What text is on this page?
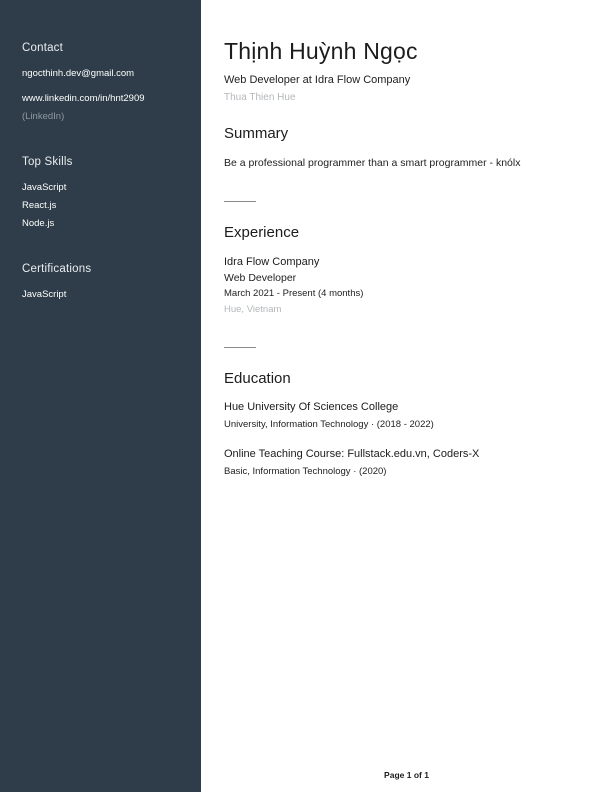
Contact
ngocthinh.dev@gmail.com
www.linkedin.com/in/hnt2909
(LinkedIn)
Top Skills
JavaScript
React.js
Node.js
Certifications
JavaScript
Thịnh Huỳnh Ngọc
Web Developer at Idra Flow Company
Thua Thien Hue
Summary

Be a professional programmer than a smart programmer - knólx

Experience
Idra Flow Company
Web Developer
March 2021 - Present (4 months)
Hue, Vietnam
Education
Hue University Of Sciences College
University, Information Technology · (2018 - 2022)
Online Teaching Course: Fullstack.edu.vn, Coders-X
Basic, Information Technology · (2020)
Page 1 of 1
